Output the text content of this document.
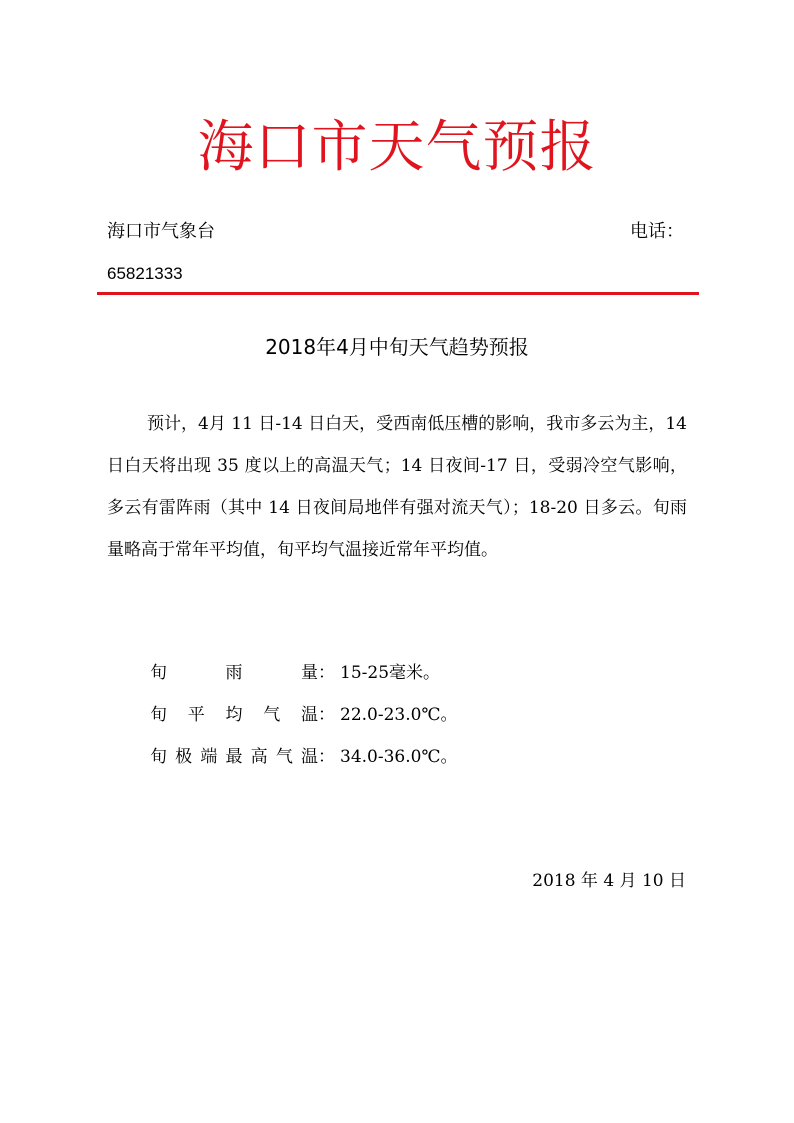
海口市天气预报
海口市气象台	电话：
65821333
2018年4月中旬天气趋势预报

预计，4月 11 日-14 日白天，受西南低压槽的影响，我市多云为主，14 日白天将出现 35 度以上的高温天气；14 日夜间-17 日，受弱冷空气影响，多云有雷阵雨（其中 14 日夜间局地伴有强对流天气）；18-20 日多云。旬雨量略高于常年平均值，旬平均气温接近常年平均值。

旬雨量 ： 15-25毫米。
旬平均气温 ： 22.0-23.0℃。
旬极端最高气温 ： 34.0-36.0℃。
2018 年 4 月 10 日
